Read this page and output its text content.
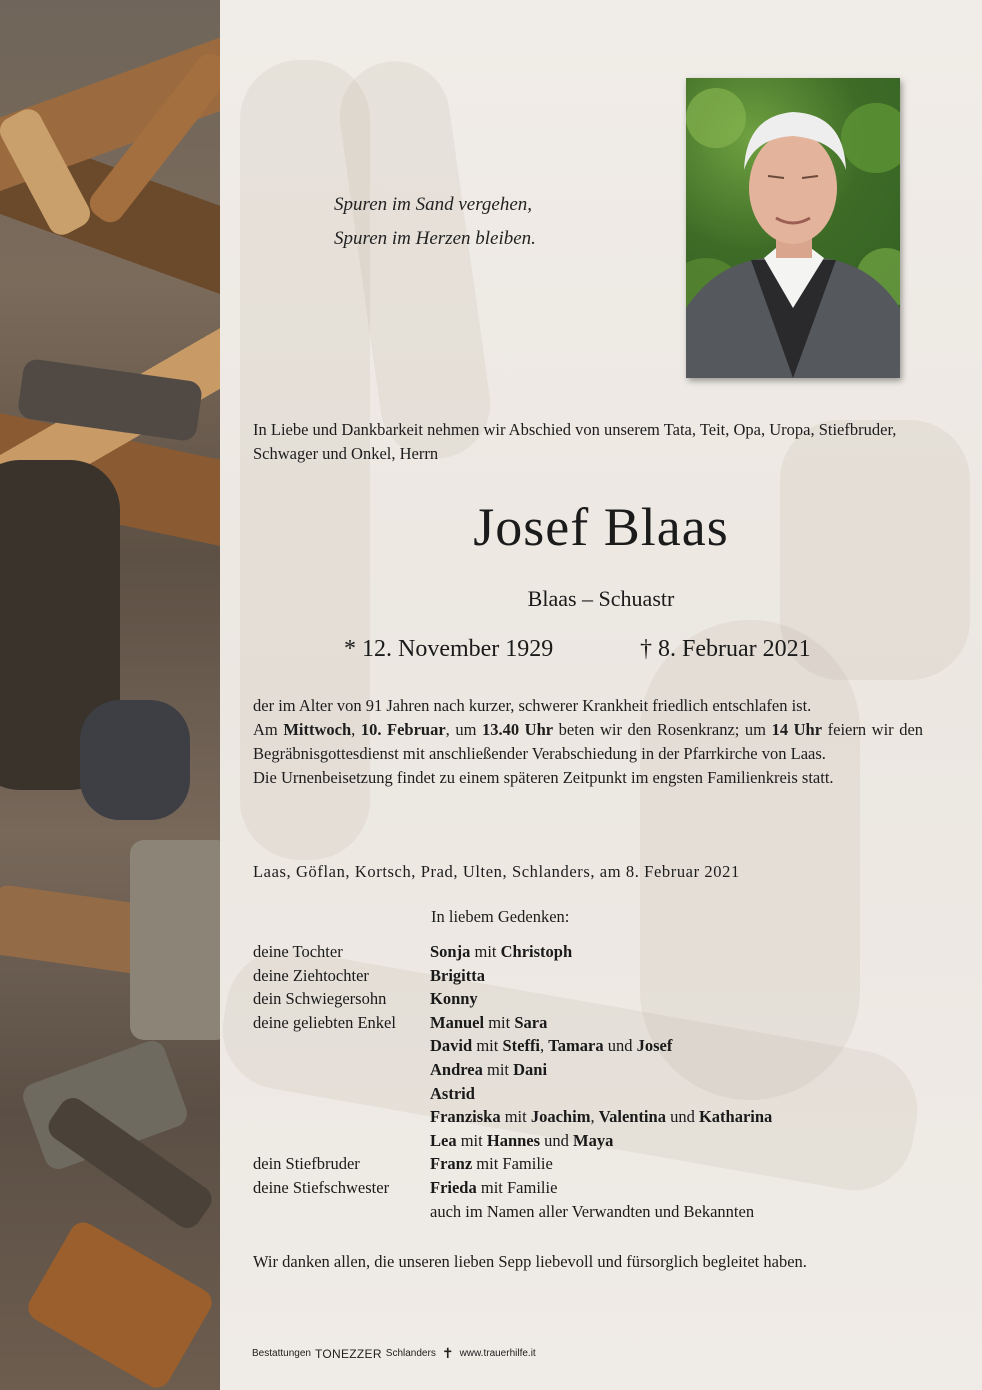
Spuren im Sand vergehen,
Spuren im Herzen bleiben.
In Liebe und Dankbarkeit nehmen wir Abschied von unserem Tata, Teit, Opa, Uropa, Stiefbruder, Schwager und Onkel, Herrn
Josef Blaas
Blaas – Schuastr
* 12. November 1929	† 8. Februar 2021
der im Alter von 91 Jahren nach kurzer, schwerer Krankheit friedlich entschlafen ist.
Am Mittwoch, 10. Februar, um 13.40 Uhr beten wir den Rosenkranz; um 14 Uhr feiern wir den Begräbnisgottesdienst mit anschließender Verabschiedung in der Pfarrkirche von Laas.
Die Urnenbeisetzung findet zu einem späteren Zeitpunkt im engsten Familienkreis statt.
Laas, Göflan, Kortsch, Prad, Ulten, Schlanders, am 8. Februar 2021
In liebem Gedenken:
deine Tochter	Sonja mit Christoph
deine Ziehtochter	Brigitta
dein Schwiegersohn	Konny
deine geliebten Enkel	Manuel mit Sara
David mit Steffi, Tamara und Josef
Andrea mit Dani
Astrid
Franziska mit Joachim, Valentina und Katharina
Lea mit Hannes und Maya
dein Stiefbruder	Franz mit Familie
deine Stiefschwester	Frieda mit Familie
auch im Namen aller Verwandten und Bekannten
Wir danken allen, die unseren lieben Sepp liebevoll und fürsorglich begleitet haben.
Bestattungen TONEZZER Schlanders ✝ www.trauerhilfe.it
